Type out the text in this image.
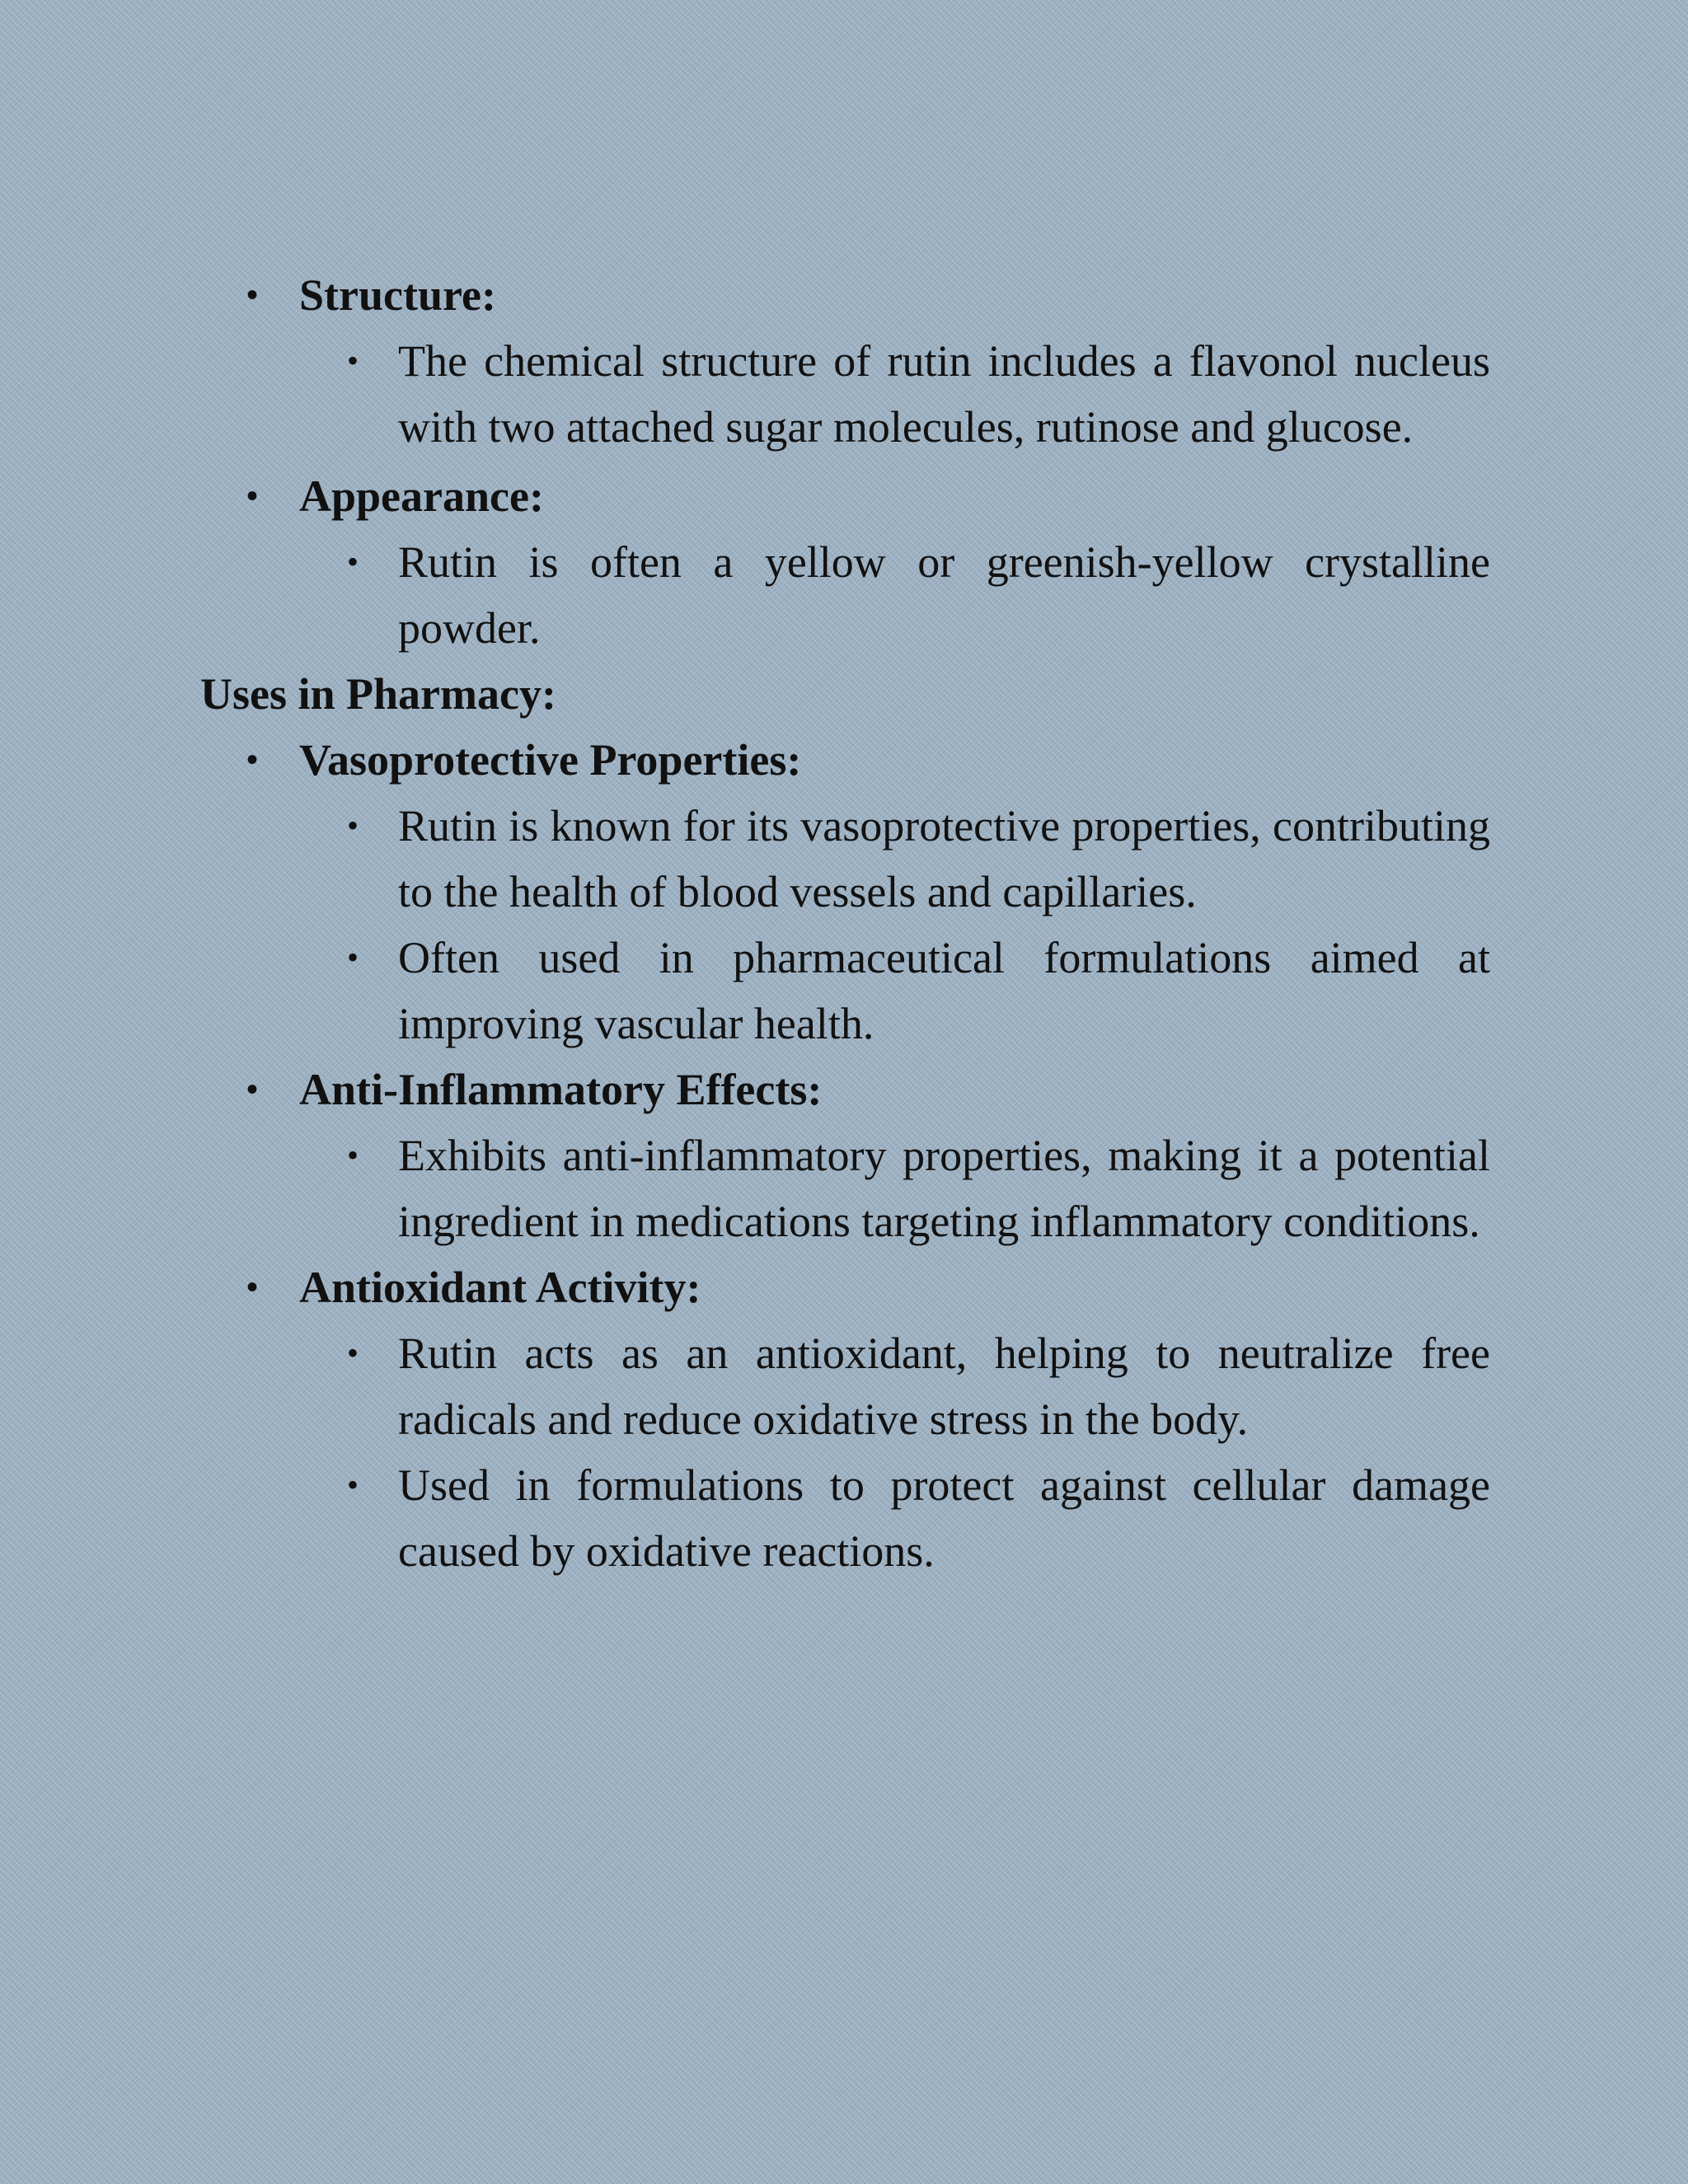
• Structure:
• The chemical structure of rutin includes a flavonol nucleus with two attached sugar molecules, rutinose and glucose.
• Appearance:
• Rutin is often a yellow or greenish-yellow crystalline powder.
Uses in Pharmacy:
• Vasoprotective Properties:
• Rutin is known for its vasoprotective properties, contributing to the health of blood vessels and capillaries.
• Often used in pharmaceutical formulations aimed at improving vascular health.
• Anti-Inflammatory Effects:
• Exhibits anti-inflammatory properties, making it a potential ingredient in medications targeting inflammatory conditions.
• Antioxidant Activity:
• Rutin acts as an antioxidant, helping to neutralize free radicals and reduce oxidative stress in the body.
• Used in formulations to protect against cellular damage caused by oxidative reactions.
